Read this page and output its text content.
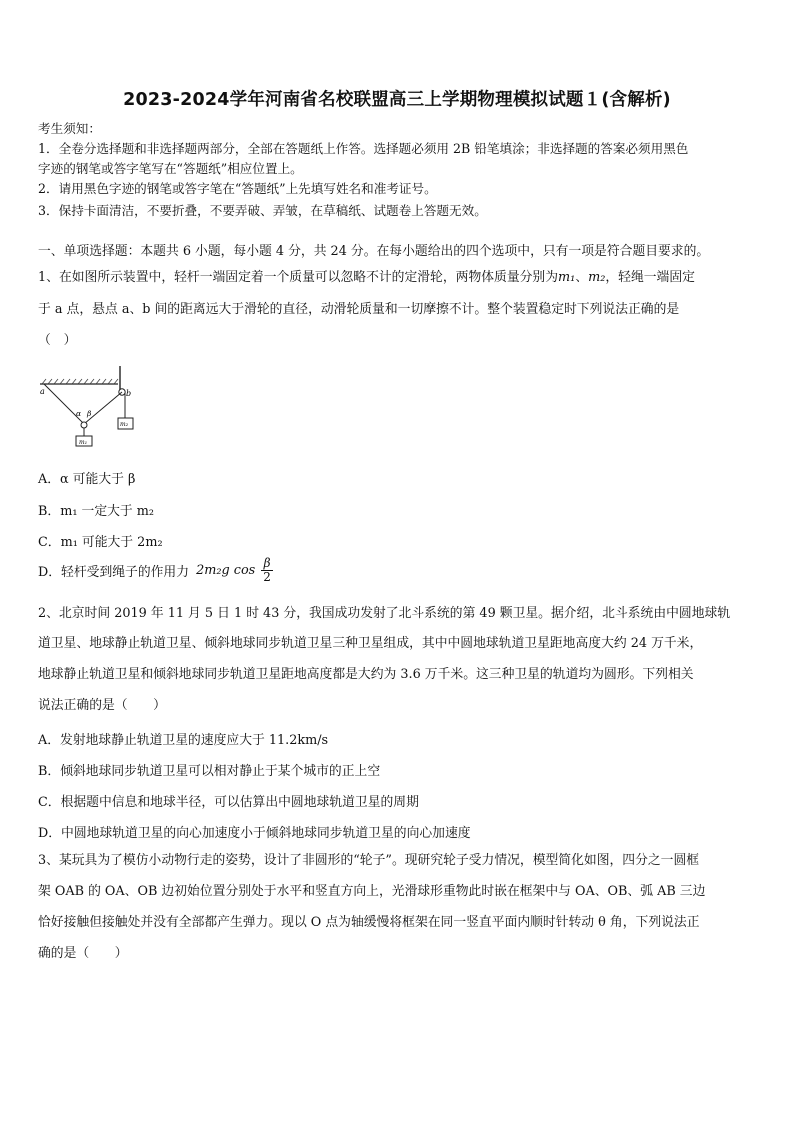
2023-2024学年河南省名校联盟高三上学期物理模拟试题１(含解析)
考生须知：
1．全卷分选择题和非选择题两部分，全部在答题纸上作答。选择题必须用 2B 铅笔填涂；非选择题的答案必须用黑色
字迹的钢笔或答字笔写在“答题纸”相应位置上。
2．请用黑色字迹的钢笔或答字笔在“答题纸”上先填写姓名和准考证号。
3．保持卡面清洁，不要折叠，不要弄破、弄皱，在草稿纸、试题卷上答题无效。
一、单项选择题：本题共 6 小题，每小题 4 分，共 24 分。在每小题给出的四个选项中，只有一项是符合题目要求的。
1、在如图所示装置中，轻杆一端固定着一个质量可以忽略不计的定滑轮，两物体质量分别为m₁、m₂，轻绳一端固定
于 a 点，悬点 a、b 间的距离远大于滑轮的直径，动滑轮质量和一切摩擦不计。整个装置稳定时下列说法正确的是
（　）
a	b
α β
m₁
m₂
A．α 可能大于 β
B．m₁ 一定大于 m₂
C．m₁ 可能大于 2m₂
D．轻杆受到绳子的作用力 2m₂g $\cos \frac{\beta}{2}$
2、北京时间 2019 年 11 月 5 日 1 时 43 分，我国成功发射了北斗系统的第 49 颗卫星。据介绍，北斗系统由中圆地球轨
道卫星、地球静止轨道卫星、倾斜地球同步轨道卫星三种卫星组成，其中中圆地球轨道卫星距地高度大约 24 万千米，
地球静止轨道卫星和倾斜地球同步轨道卫星距地高度都是大约为 3.6 万千米。这三种卫星的轨道均为圆形。下列相关
说法正确的是（　　）
A．发射地球静止轨道卫星的速度应大于 11.2km/s
B．倾斜地球同步轨道卫星可以相对静止于某个城市的正上空
C．根据题中信息和地球半径，可以估算出中圆地球轨道卫星的周期
D．中圆地球轨道卫星的向心加速度小于倾斜地球同步轨道卫星的向心加速度
3、某玩具为了模仿小动物行走的姿势，设计了非圆形的“轮子”。现研究轮子受力情况，模型简化如图，四分之一圆框
架 OAB 的 OA、OB 边初始位置分别处于水平和竖直方向上，光滑球形重物此时嵌在框架中与 OA、OB、弧 AB 三边
恰好接触但接触处并没有全部都产生弹力。现以 O 点为轴缓慢将框架在同一竖直平面内顺时针转动 θ 角，下列说法正
确的是（　　）
